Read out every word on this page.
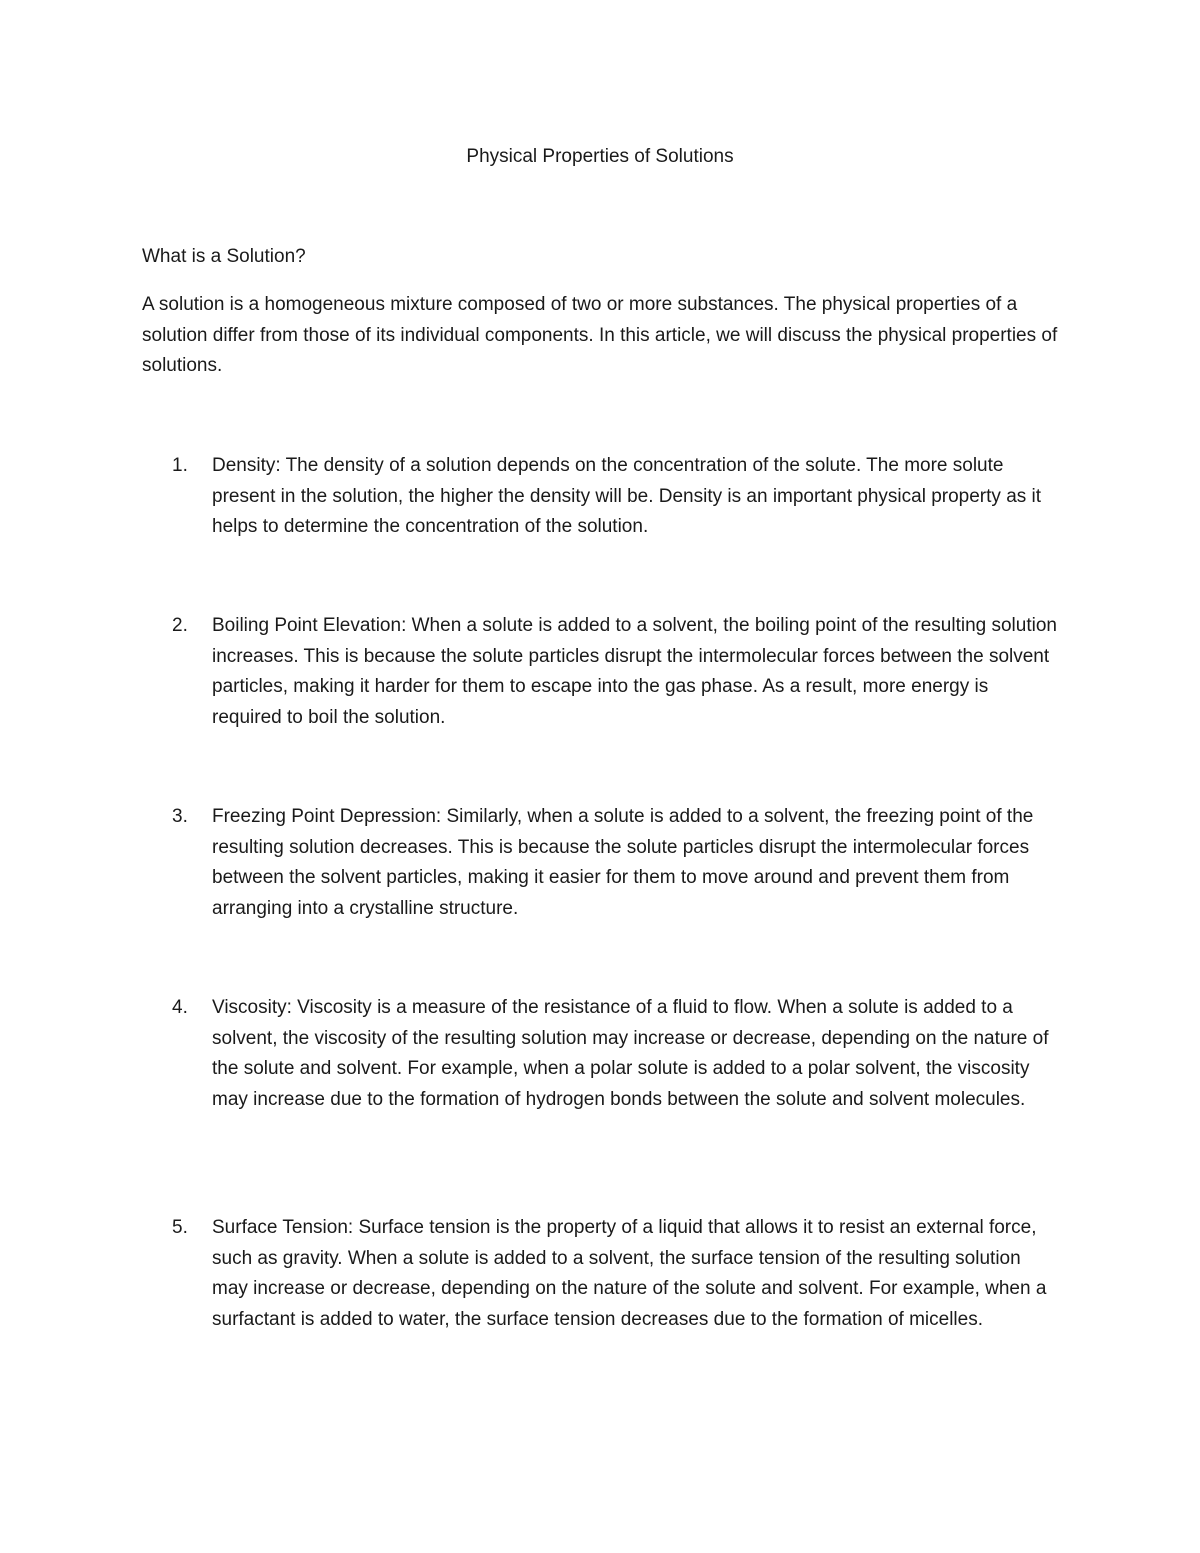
Physical Properties of Solutions
What is a Solution?

A solution is a homogeneous mixture composed of two or more substances. The physical properties of a solution differ from those of its individual components. In this article, we will discuss the physical properties of solutions.

1.	Density: The density of a solution depends on the concentration of the solute. The more solute present in the solution, the higher the density will be. Density is an important physical property as it helps to determine the concentration of the solution.

2.	Boiling Point Elevation: When a solute is added to a solvent, the boiling point of the resulting solution increases. This is because the solute particles disrupt the intermolecular forces between the solvent particles, making it harder for them to escape into the gas phase. As a result, more energy is required to boil the solution.

3.	Freezing Point Depression: Similarly, when a solute is added to a solvent, the freezing point of the resulting solution decreases. This is because the solute particles disrupt the intermolecular forces between the solvent particles, making it easier for them to move around and prevent them from arranging into a crystalline structure.

4.	Viscosity: Viscosity is a measure of the resistance of a fluid to flow. When a solute is added to a solvent, the viscosity of the resulting solution may increase or decrease, depending on the nature of the solute and solvent. For example, when a polar solute is added to a polar solvent, the viscosity may increase due to the formation of hydrogen bonds between the solute and solvent molecules.

5.	Surface Tension: Surface tension is the property of a liquid that allows it to resist an external force, such as gravity. When a solute is added to a solvent, the surface tension of the resulting solution may increase or decrease, depending on the nature of the solute and solvent. For example, when a surfactant is added to water, the surface tension decreases due to the formation of micelles.
